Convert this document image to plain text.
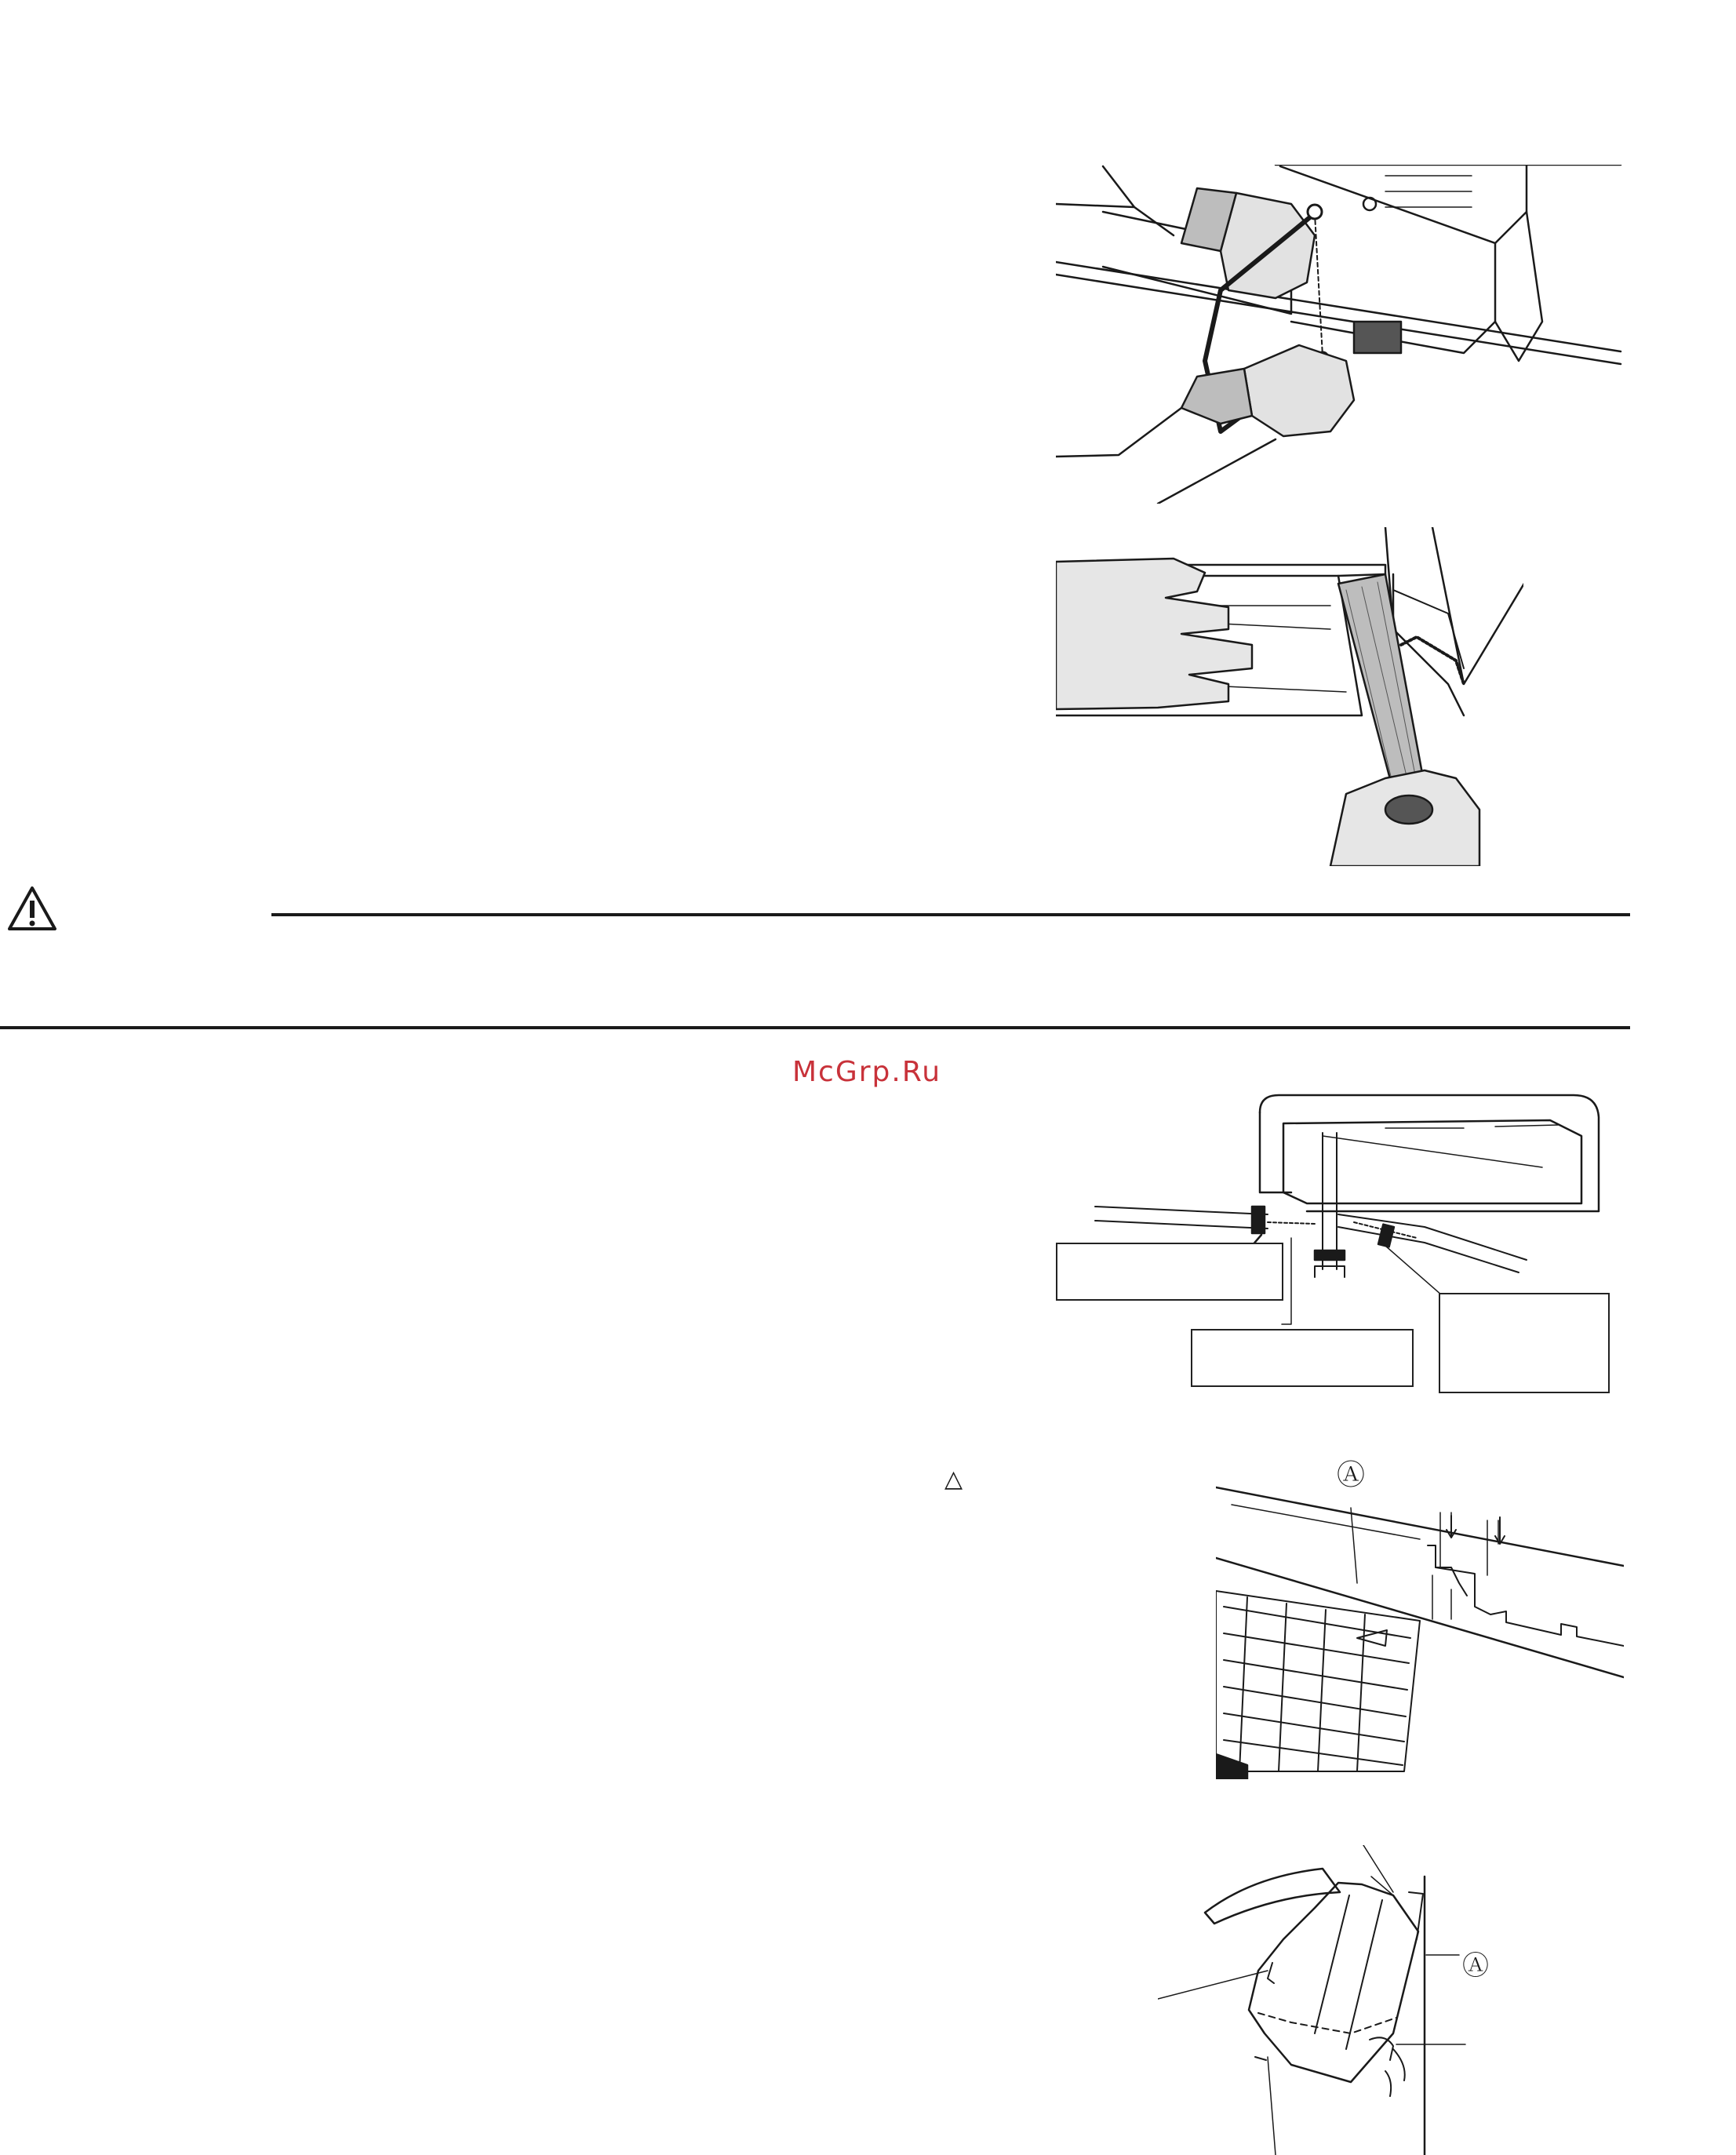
McGrp.Ru
△	Ⓐ
Ⓐ
